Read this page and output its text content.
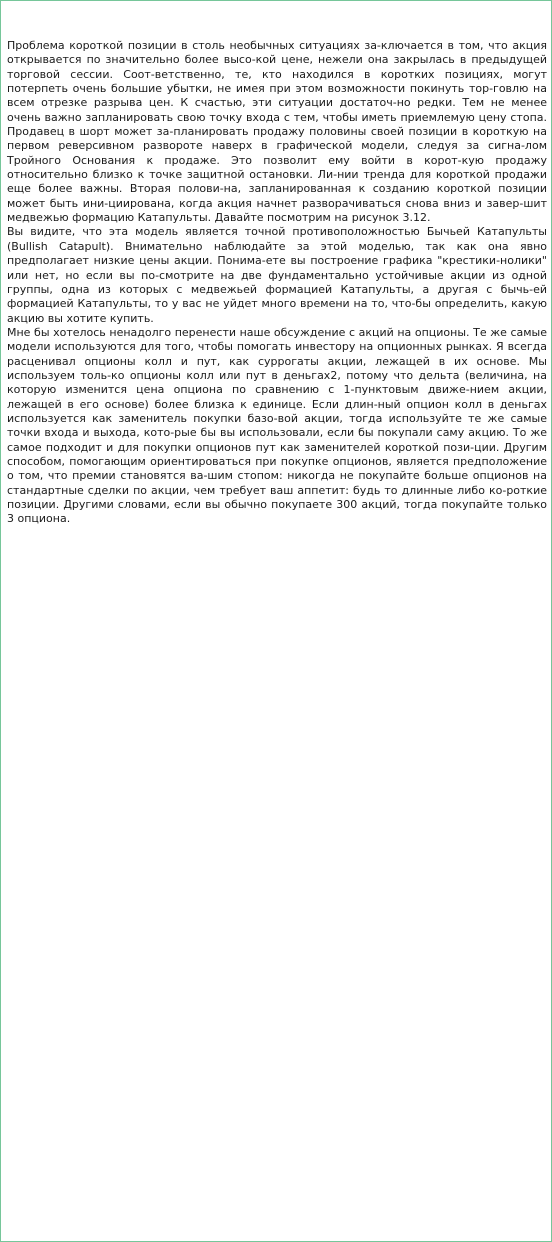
Проблема короткой позиции в столь необычных ситуациях за-ключается в том, что акция открывается по значительно более высо-кой цене, нежели она закрылась в предыдущей торговой сессии. Соот-ветственно, те, кто находился в коротких позициях, могут потерпеть очень большие убытки, не имея при этом возможности покинуть тор-говлю на всем отрезке разрыва цен. К счастью, эти ситуации достаточ-но редки. Тем не менее очень важно запланировать свою точку входа с тем, чтобы иметь приемлемую цену стопа. Продавец в шорт может за-планировать продажу половины своей позиции в короткую на первом реверсивном развороте наверх в графической модели, следуя за сигна-лом Тройного Основания к продаже. Это позволит ему войти в корот-кую продажу относительно близко к точке защитной остановки. Ли-нии тренда для короткой продажи еще более важны. Вторая полови-на, запланированная к созданию короткой позиции может быть ини-циирована, когда акция начнет разворачиваться снова вниз и завер-шит медвежью формацию Катапульты. Давайте посмотрим на рисунок 3.12.

Вы видите, что эта модель является точной противоположностью Бычьей Катапульты (Bullish Catapult). Внимательно наблюдайте за этой моделью, так как она явно предполагает низкие цены акции. Понима-ете вы построение графика "крестики-нолики" или нет, но если вы по-смотрите на две фундаментально устойчивые акции из одной группы, одна из которых с медвежьей формацией Катапульты, а другая с бычь-ей формацией Катапульты, то у вас не уйдет много времени на то, что-бы определить, какую акцию вы хотите купить.

Мне бы хотелось ненадолго перенести наше обсуждение с акций на опционы. Те же самые модели используются для того, чтобы помогать инвестору на опционных рынках. Я всегда расценивал опционы колл и пут, как суррогаты акции, лежащей в их основе. Мы используем толь-ко опционы колл или пут в деньгах2, потому что дельта (величина, на которую изменится цена опциона по сравнению с 1-пунктовым движе-нием акции, лежащей в его основе) более близка к единице. Если длин-ный опцион колл в деньгах используется как заменитель покупки базо-вой акции, тогда используйте те же самые точки входа и выхода, кото-рые бы вы использовали, если бы покупали саму акцию. То же самое подходит и для покупки опционов пут как заменителей короткой пози-ции. Другим способом, помогающим ориентироваться при покупке опционов, является предположение о том, что премии становятся ва-шим стопом: никогда не покупайте больше опционов на стандартные сделки по акции, чем требует ваш аппетит: будь то длинные либо ко-роткие позиции. Другими словами, если вы обычно покупаете 300 акций, тогда покупайте только 3 опциона.
